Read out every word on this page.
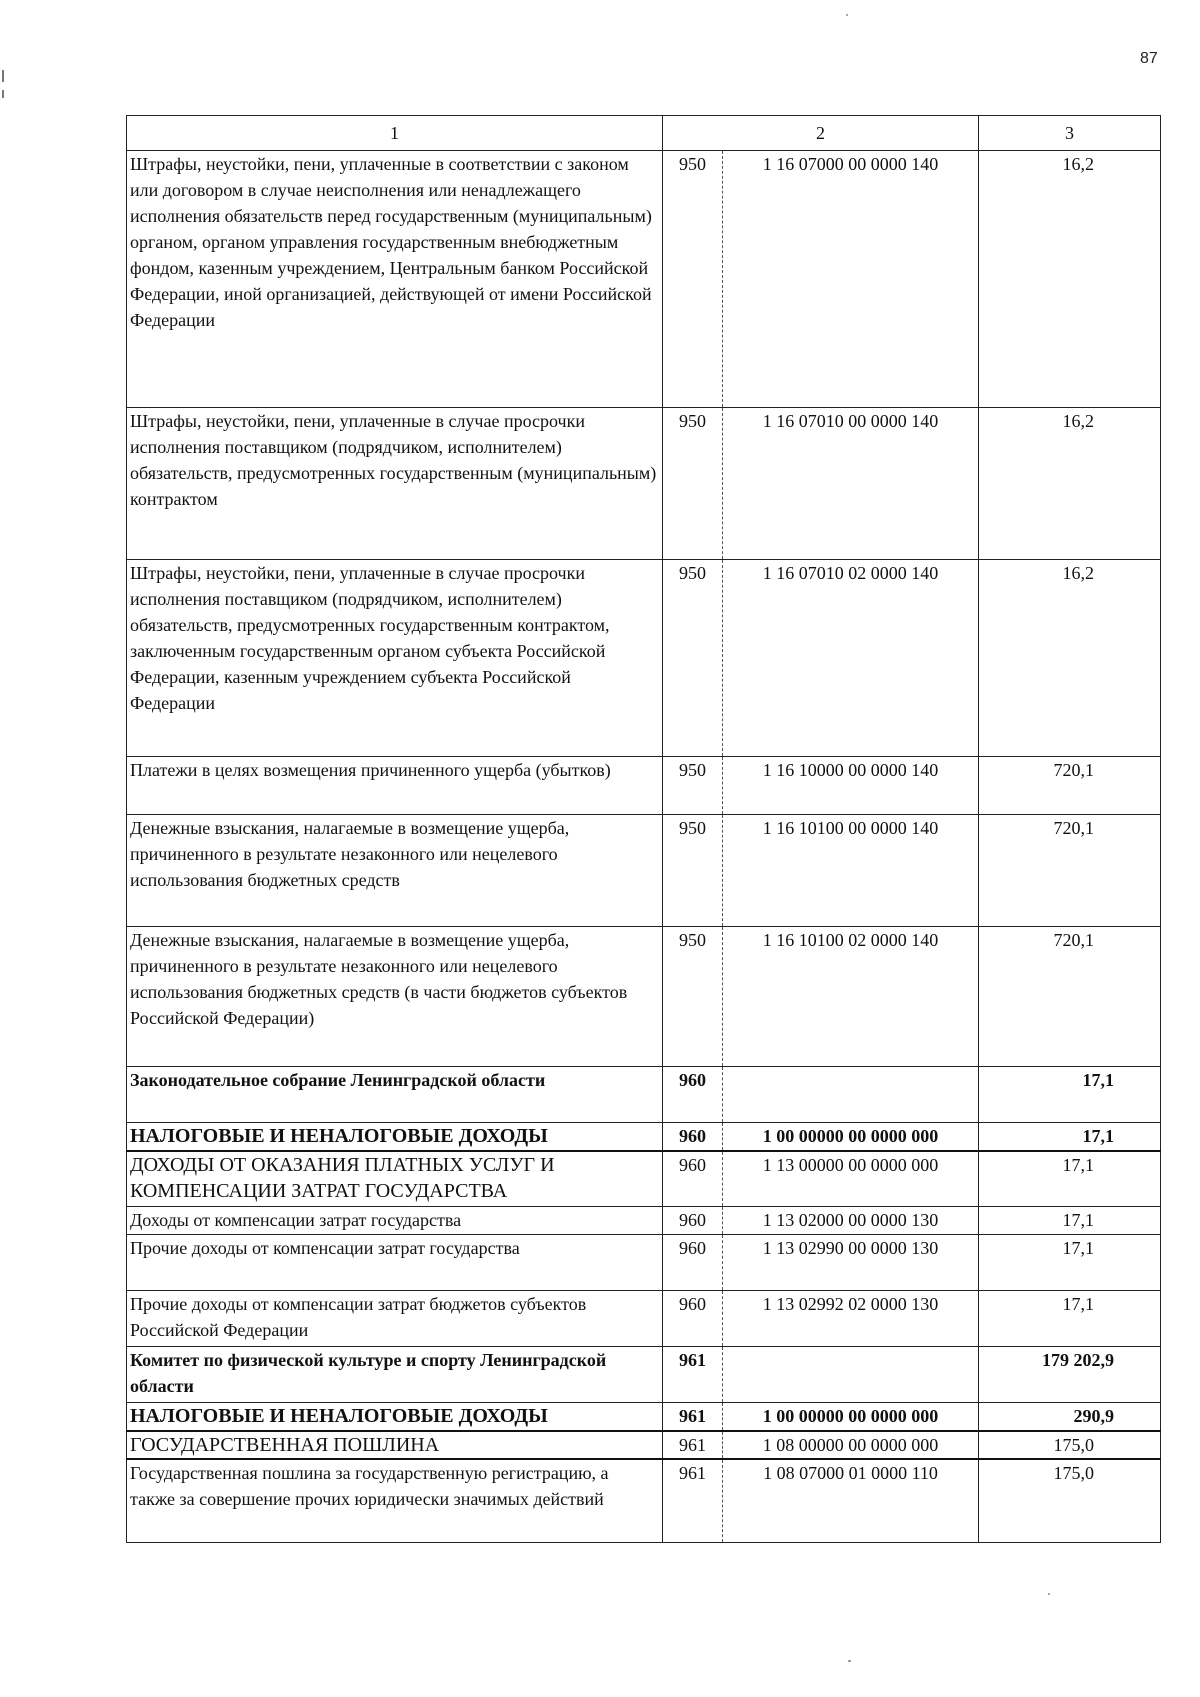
87
1	2		3
Штрафы, неустойки, пени, уплаченные в соответствии с законом или договором в случае неисполнения или ненадлежащего исполнения обязательств перед государственным (муниципальным) органом, органом управления государственным внебюджетным фондом, казенным учреждением, Центральным банком Российской Федерации, иной организацией, действующей от имени Российской Федерации	950	1 16 07000 00 0000 140	16,2
Штрафы, неустойки, пени, уплаченные в случае просрочки исполнения поставщиком (подрядчиком, исполнителем) обязательств, предусмотренных государственным (муниципальным) контрактом	950	1 16 07010 00 0000 140	16,2
Штрафы, неустойки, пени, уплаченные в случае просрочки исполнения поставщиком (подрядчиком, исполнителем) обязательств, предусмотренных государственным контрактом, заключенным государственным органом субъекта Российской Федерации, казенным учреждением субъекта Российской Федерации	950	1 16 07010 02 0000 140	16,2
Платежи в целях возмещения причиненного ущерба (убытков)	950	1 16 10000 00 0000 140	720,1
Денежные взыскания, налагаемые в возмещение ущерба, причиненного в результате незаконного или нецелевого использования бюджетных средств	950	1 16 10100 00 0000 140	720,1
Денежные взыскания, налагаемые в возмещение ущерба, причиненного в результате незаконного или нецелевого использования бюджетных средств (в части бюджетов субъектов Российской Федерации)	950	1 16 10100 02 0000 140	720,1
Законодательное собрание Ленинградской области	960		17,1
НАЛОГОВЫЕ И НЕНАЛОГОВЫЕ ДОХОДЫ	960	1 00 00000 00 0000 000	17,1
ДОХОДЫ ОТ ОКАЗАНИЯ ПЛАТНЫХ УСЛУГ И КОМПЕНСАЦИИ ЗАТРАТ ГОСУДАРСТВА	960	1 13 00000 00 0000 000	17,1
Доходы от компенсации затрат государства	960	1 13 02000 00 0000 130	17,1
Прочие доходы от компенсации затрат государства	960	1 13 02990 00 0000 130	17,1
Прочие доходы от компенсации затрат бюджетов субъектов Российской Федерации	960	1 13 02992 02 0000 130	17,1
Комитет по физической культуре и спорту Ленинградской области	961		179 202,9
НАЛОГОВЫЕ И НЕНАЛОГОВЫЕ ДОХОДЫ	961	1 00 00000 00 0000 000	290,9
ГОСУДАРСТВЕННАЯ ПОШЛИНА	961	1 08 00000 00 0000 000	175,0
Государственная пошлина за государственную регистрацию, а также за совершение прочих юридически значимых действий	961	1 08 07000 01 0000 110	175,0
